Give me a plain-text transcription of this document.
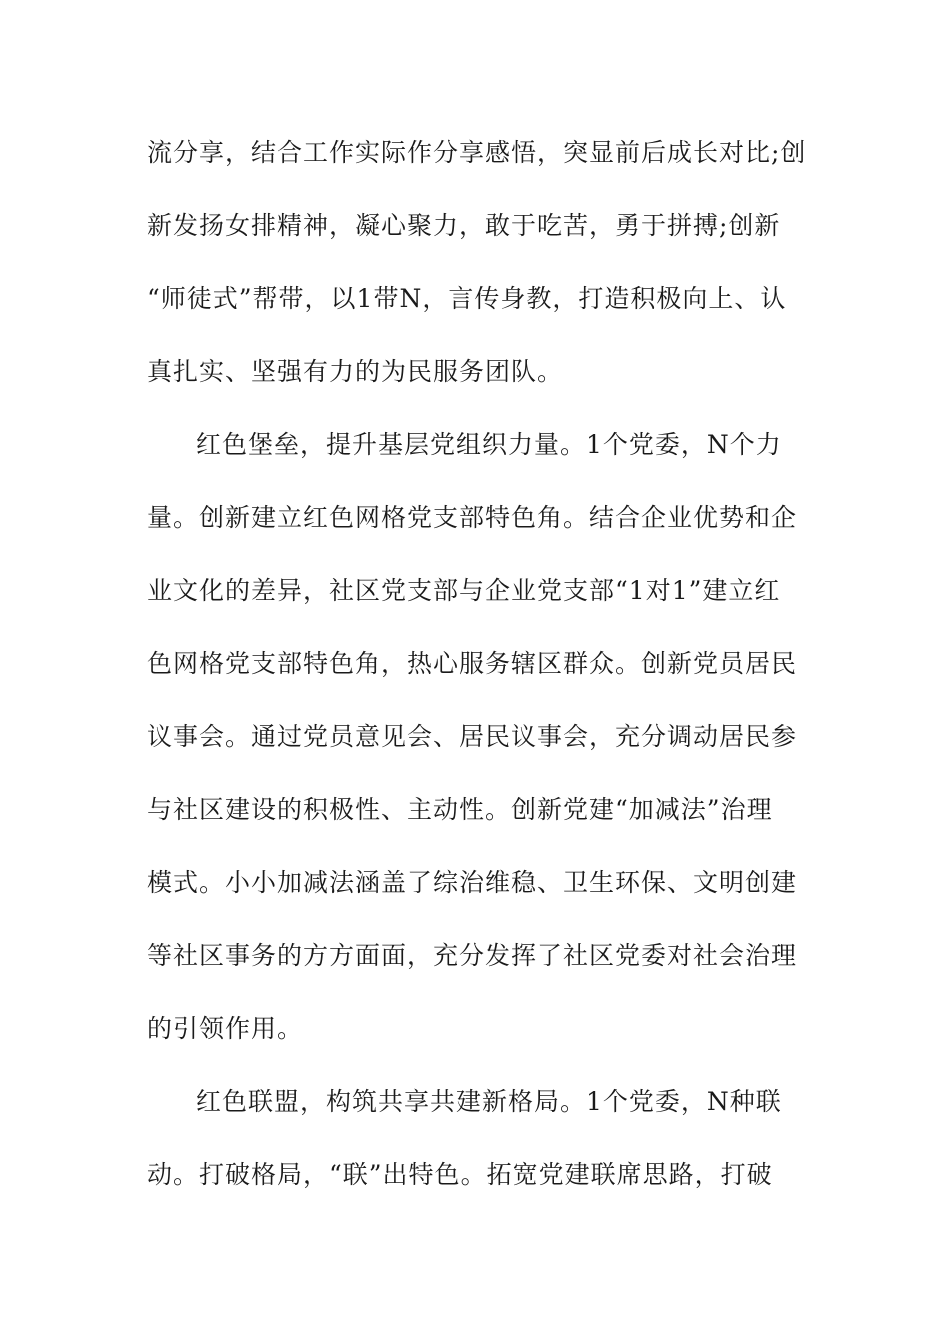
流分享，结合工作实际作分享感悟，突显前后成长对比;创
新发扬女排精神，凝心聚力，敢于吃苦，勇于拼搏;创新
“师徒式”帮带，以1带N，言传身教，打造积极向上、认
真扎实、坚强有力的为民服务团队。
红色堡垒，提升基层党组织力量。1个党委，N个力
量。创新建立红色网格党支部特色角。结合企业优势和企
业文化的差异，社区党支部与企业党支部“1对1”建立红
色网格党支部特色角，热心服务辖区群众。创新党员居民
议事会。通过党员意见会、居民议事会，充分调动居民参
与社区建设的积极性、主动性。创新党建“加减法”治理
模式。小小加减法涵盖了综治维稳、卫生环保、文明创建
等社区事务的方方面面，充分发挥了社区党委对社会治理
的引领作用。
红色联盟，构筑共享共建新格局。1个党委，N种联
动。打破格局，“联”出特色。拓宽党建联席思路，打破
